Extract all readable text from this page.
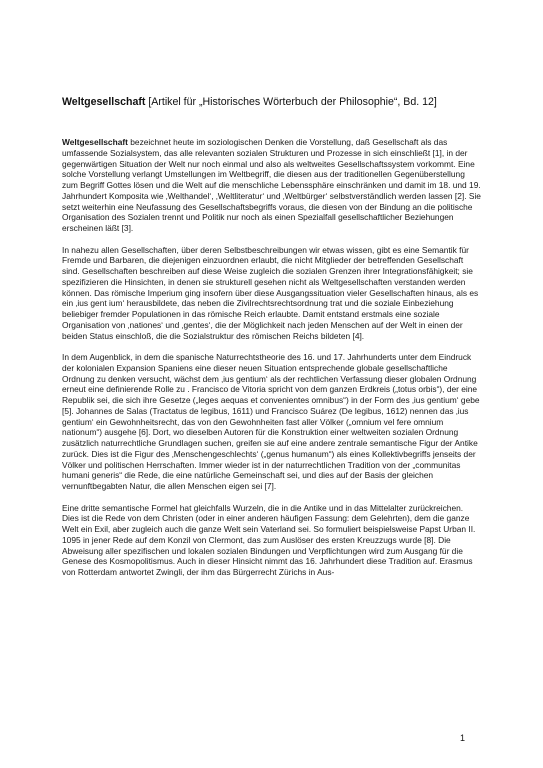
Weltgesellschaft [Artikel für „Historisches Wörterbuch der Philosophie“, Bd. 12]

Weltgesellschaft bezeichnet heute im soziologischen Denken die Vorstellung, daß Gesellschaft als das umfassende Sozialsystem, das alle relevanten sozialen Strukturen und Prozesse in sich einschließt [1], in der gegenwärtigen Situation der Welt nur noch einmal und also als weltweites Gesellschaftssystem vorkommt. Eine solche Vorstellung verlangt Umstellungen im Weltbegriff, die diesen aus der traditionellen Gegenüberstellung zum Begriff Gottes lösen und die Welt auf die menschliche Lebenssphäre einschränken und damit im 18. und 19. Jahrhundert Komposita wie ‚Welthandel‘, ‚Weltliteratur‘ und ‚Weltbürger‘ selbstverständlich werden lassen [2]. Sie setzt weiterhin eine Neufassung des Gesellschaftsbegriffs voraus, die diesen von der Bindung an die politische Organisation des Sozialen trennt und Politik nur noch als einen Spezialfall gesellschaftlicher Beziehungen erscheinen läßt [3].

In nahezu allen Gesellschaften, über deren Selbstbeschreibungen wir etwas wissen, gibt es eine Semantik für Fremde und Barbaren, die diejenigen einzuordnen erlaubt, die nicht Mitglieder der betreffenden Gesellschaft sind. Gesellschaften beschreiben auf diese Weise zugleich die sozialen Grenzen ihrer Integrationsfähigkeit; sie spezifizieren die Hinsichten, in denen sie strukturell gesehen nicht als Weltgesellschaften verstanden werden können. Das römische Imperium ging insofern über diese Ausgangssituation vieler Gesellschaften hinaus, als es ein ‚ius gent ium‘ herausbildete, das neben die Zivilrechtsrechtsordnung trat und die soziale Einbeziehung beliebiger fremder Populationen in das römische Reich erlaubte. Damit entstand erstmals eine soziale Organisation von ‚nationes‘ und ‚gentes‘, die der Möglichkeit nach jeden Menschen auf der Welt in einen der beiden Status einschloß, die die Sozialstruktur des römischen Reichs bildeten [4].

In dem Augenblick, in dem die spanische Naturrechtstheorie des 16. und 17. Jahrhunderts unter dem Eindruck der kolonialen Expansion Spaniens eine dieser neuen Situation entsprechende globale gesellschaftliche Ordnung zu denken versucht, wächst dem ‚ius gentium‘ als der rechtlichen Verfassung dieser globalen Ordnung erneut eine definierende Rolle zu . Francisco de Vitoria spricht von dem ganzen Erdkreis („totus orbis“), der eine Republik sei, die sich ihre Gesetze („leges aequas et convenientes omnibus“) in der Form des ‚ius gentium‘ gebe [5]. Johannes de Salas (Tractatus de legibus, 1611) und Francisco Suárez (De legibus, 1612) nennen das ‚ius gentium‘ ein Gewohnheitsrecht, das von den Gewohnheiten fast aller Völker („omnium vel fere omnium nationum“) ausgehe [6]. Dort, wo dieselben Autoren für die Konstruktion einer weltweiten sozialen Ordnung zusätzlich naturrechtliche Grundlagen suchen, greifen sie auf eine andere zentrale semantische Figur der Antike zurück. Dies ist die Figur des ‚Menschengeschlechts‘ („genus humanum“) als eines Kollektivbegriffs jenseits der Völker und politischen Herrschaften. Immer wieder ist in der naturrechtlichen Tradition von der „communitas humani generis“ die Rede, die eine natürliche Gemeinschaft sei, und dies auf der Basis der gleichen vernunftbegabten Natur, die allen Menschen eigen sei [7].

Eine dritte semantische Formel hat gleichfalls Wurzeln, die in die Antike und in das Mittelalter zurückreichen. Dies ist die Rede von dem Christen (oder in einer anderen häufigen Fassung: dem Gelehrten), dem die ganze Welt ein Exil, aber zugleich auch die ganze Welt sein Vaterland sei. So formuliert beispielsweise Papst Urban II. 1095 in jener Rede auf dem Konzil von Clermont, das zum Auslöser des ersten Kreuzzugs wurde [8]. Die Abweisung aller spezifischen und lokalen sozialen Bindungen und Verpflichtungen wird zum Ausgang für die Genese des Kosmopolitismus. Auch in dieser Hinsicht nimmt das 16. Jahrhundert diese Tradition auf. Erasmus von Rotterdam antwortet Zwingli, der ihm das Bürgerrecht Zürichs in Aus-

1
